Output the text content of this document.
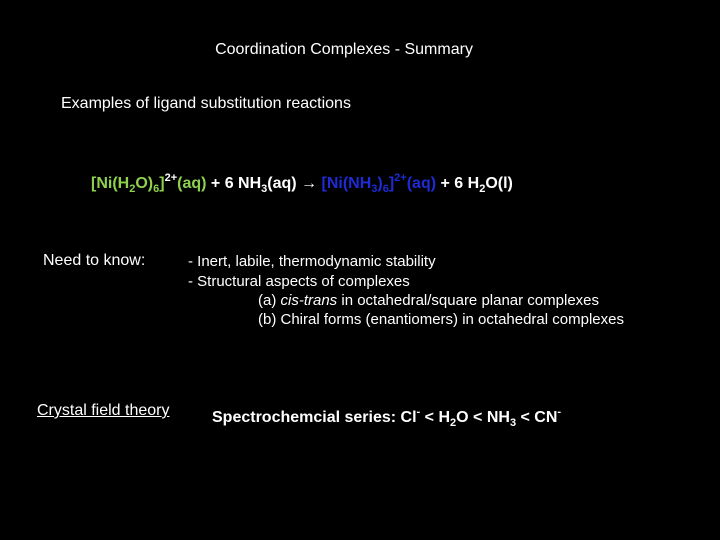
Coordination Complexes - Summary
Examples of ligand substitution reactions
$[Ni(H_2O)_6]^{2+}(aq) + 6$ $NH_3(aq) \to [Ni(NH_3)_6]^{2+}(aq) + 6$ $H_2O(l)$
Need to know:	- Inert, labile, thermodynamic stability
- Structural aspects of complexes
(a) cis-trans in octahedral/square planar complexes
(b) Chiral forms (enantiomers) in octahedral complexes
Crystal field theory	Spectrochemcial series: $Cl^- < H_2O < NH_3 < CN^-$
